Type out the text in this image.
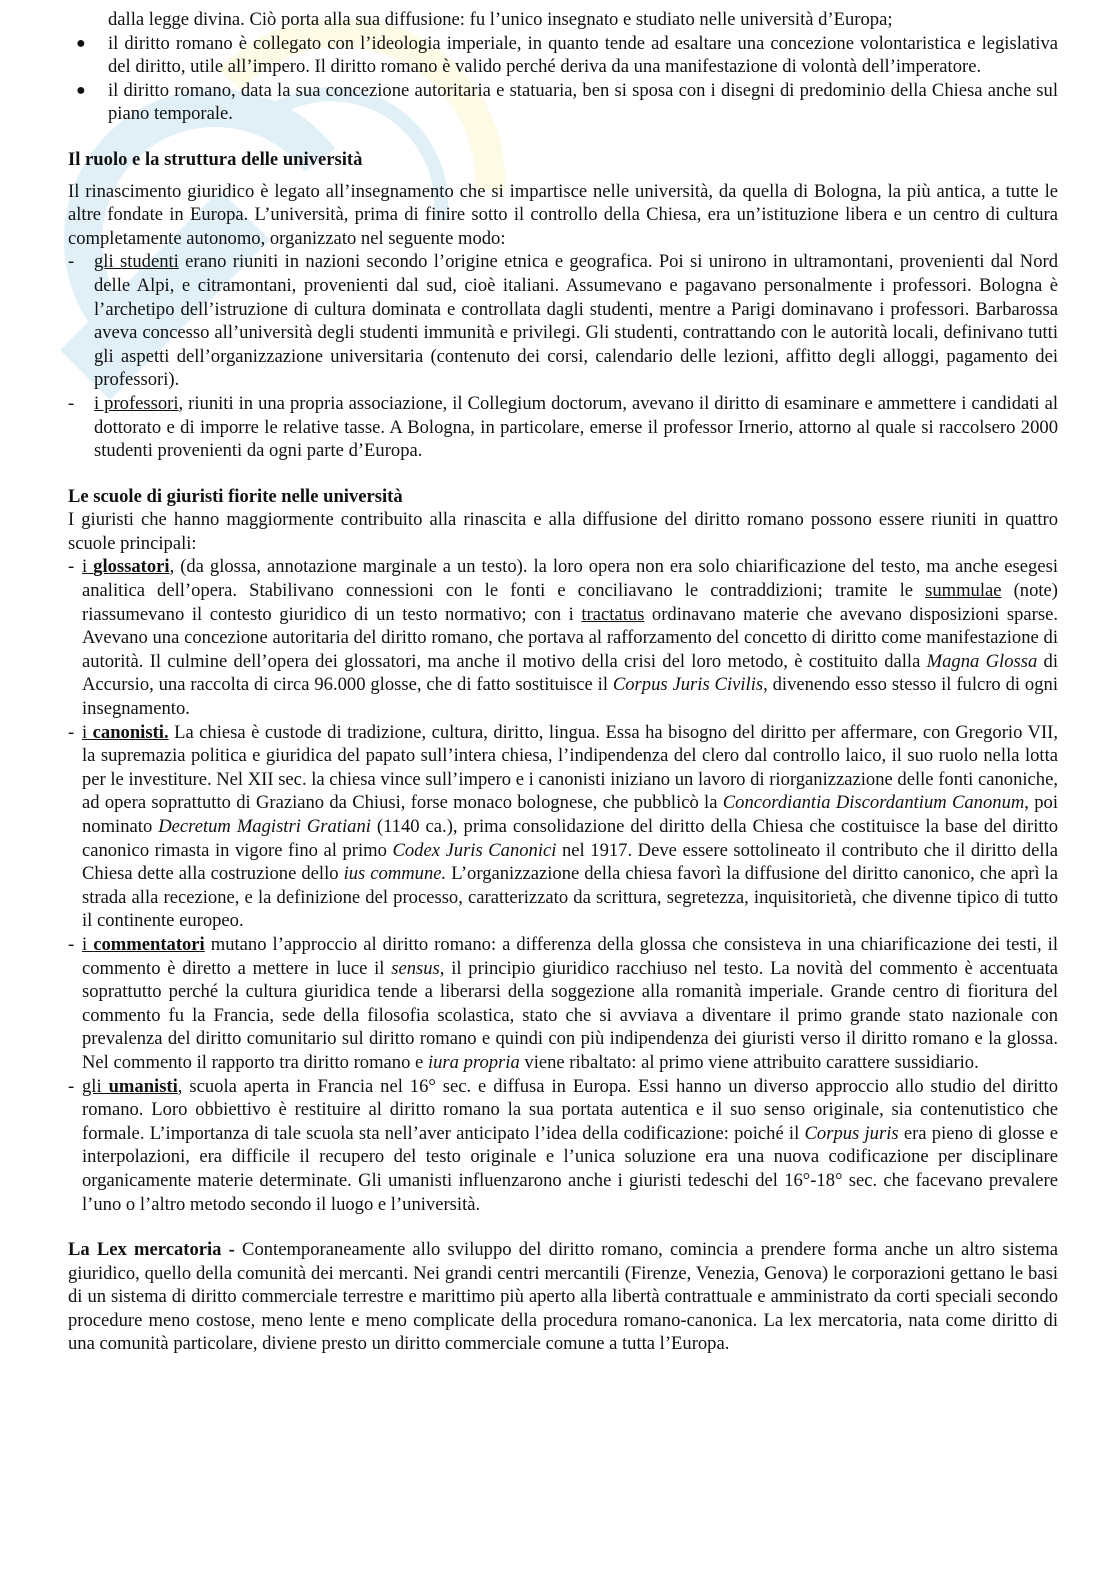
dalla legge divina. Ciò porta alla sua diffusione: fu l’unico insegnato e studiato nelle università d’Europa;

● il diritto romano è collegato con l’ideologia imperiale, in quanto tende ad esaltare una concezione volontaristica e legislativa del diritto, utile all’impero. Il diritto romano è valido perché deriva da una manifestazione di volontà dell’imperatore.
● il diritto romano, data la sua concezione autoritaria e statuaria, ben si sposa con i disegni di predominio della Chiesa anche sul piano temporale.
Il ruolo e la struttura delle università

Il rinascimento giuridico è legato all’insegnamento che si impartisce nelle università, da quella di Bologna, la più antica, a tutte le altre fondate in Europa. L’università, prima di finire sotto il controllo della Chiesa, era un’istituzione libera e un centro di cultura completamente autonomo, organizzato nel seguente modo:

- gli studenti erano riuniti in nazioni secondo l’origine etnica e geografica. Poi si unirono in ultramontani, provenienti dal Nord delle Alpi, e citramontani, provenienti dal sud, cioè italiani. Assumevano e pagavano personalmente i professori. Bologna è l’archetipo dell’istruzione di cultura dominata e controllata dagli studenti, mentre a Parigi dominavano i professori. Barbarossa aveva concesso all’università degli studenti immunità e privilegi. Gli studenti, contrattando con le autorità locali, definivano tutti gli aspetti dell’organizzazione universitaria (contenuto dei corsi, calendario delle lezioni, affitto degli alloggi, pagamento dei professori).
- i professori, riuniti in una propria associazione, il Collegium doctorum, avevano il diritto di esaminare e ammettere i candidati al dottorato e di imporre le relative tasse. A Bologna, in particolare, emerse il professor Irnerio, attorno al quale si raccolsero 2000 studenti provenienti da ogni parte d’Europa.
Le scuole di giuristi fiorite nelle università

I giuristi che hanno maggiormente contribuito alla rinascita e alla diffusione del diritto romano possono essere riuniti in quattro scuole principali:

- i glossatori, (da glossa, annotazione marginale a un testo). la loro opera non era solo chiarificazione del testo, ma anche esegesi analitica dell’opera. Stabilivano connessioni con le fonti e conciliavano le contraddizioni; tramite le summulae (note) riassumevano il contesto giuridico di un testo normativo; con i tractatus ordinavano materie che avevano disposizioni sparse. Avevano una concezione autoritaria del diritto romano, che portava al rafforzamento del concetto di diritto come manifestazione di autorità. Il culmine dell’opera dei glossatori, ma anche il motivo della crisi del loro metodo, è costituito dalla Magna Glossa di Accursio, una raccolta di circa 96.000 glosse, che di fatto sostituisce il Corpus Juris Civilis, divenendo esso stesso il fulcro di ogni insegnamento.
- i canonisti. La chiesa è custode di tradizione, cultura, diritto, lingua. Essa ha bisogno del diritto per affermare, con Gregorio VII, la supremazia politica e giuridica del papato sull’intera chiesa, l’indipendenza del clero dal controllo laico, il suo ruolo nella lotta per le investiture. Nel XII sec. la chiesa vince sull’impero e i canonisti iniziano un lavoro di riorganizzazione delle fonti canoniche, ad opera soprattutto di Graziano da Chiusi, forse monaco bolognese, che pubblicò la Concordiantia Discordantium Canonum, poi nominato Decretum Magistri Gratiani (1140 ca.), prima consolidazione del diritto della Chiesa che costituisce la base del diritto canonico rimasta in vigore fino al primo Codex Juris Canonici nel 1917. Deve essere sottolineato il contributo che il diritto della Chiesa dette alla costruzione dello ius commune. L’organizzazione della chiesa favorì la diffusione del diritto canonico, che aprì la strada alla recezione, e la definizione del processo, caratterizzato da scrittura, segretezza, inquisitorietà, che divenne tipico di tutto il continente europeo.
- i commentatori mutano l’approccio al diritto romano: a differenza della glossa che consisteva in una chiarificazione dei testi, il commento è diretto a mettere in luce il sensus, il principio giuridico racchiuso nel testo. La novità del commento è accentuata soprattutto perché la cultura giuridica tende a liberarsi della soggezione alla romanità imperiale. Grande centro di fioritura del commento fu la Francia, sede della filosofia scolastica, stato che si avviava a diventare il primo grande stato nazionale con prevalenza del diritto comunitario sul diritto romano e quindi con più indipendenza dei giuristi verso il diritto romano e la glossa. Nel commento il rapporto tra diritto romano e iura propria viene ribaltato: al primo viene attribuito carattere sussidiario.
- gli umanisti, scuola aperta in Francia nel 16° sec. e diffusa in Europa. Essi hanno un diverso approccio allo studio del diritto romano. Loro obbiettivo è restituire al diritto romano la sua portata autentica e il suo senso originale, sia contenutistico che formale. L’importanza di tale scuola sta nell’aver anticipato l’idea della codificazione: poiché il Corpus juris era pieno di glosse e interpolazioni, era difficile il recupero del testo originale e l’unica soluzione era una nuova codificazione per disciplinare organicamente materie determinate. Gli umanisti influenzarono anche i giuristi tedeschi del 16°-18° sec. che facevano prevalere l’uno o l’altro metodo secondo il luogo e l’università.

La Lex mercatoria - Contemporaneamente allo sviluppo del diritto romano, comincia a prendere forma anche un altro sistema giuridico, quello della comunità dei mercanti. Nei grandi centri mercantili (Firenze, Venezia, Genova) le corporazioni gettano le basi di un sistema di diritto commerciale terrestre e marittimo più aperto alla libertà contrattuale e amministrato da corti speciali secondo procedure meno costose, meno lente e meno complicate della procedura romano-canonica. La lex mercatoria, nata come diritto di una comunità particolare, diviene presto un diritto commerciale comune a tutta l’Europa.
